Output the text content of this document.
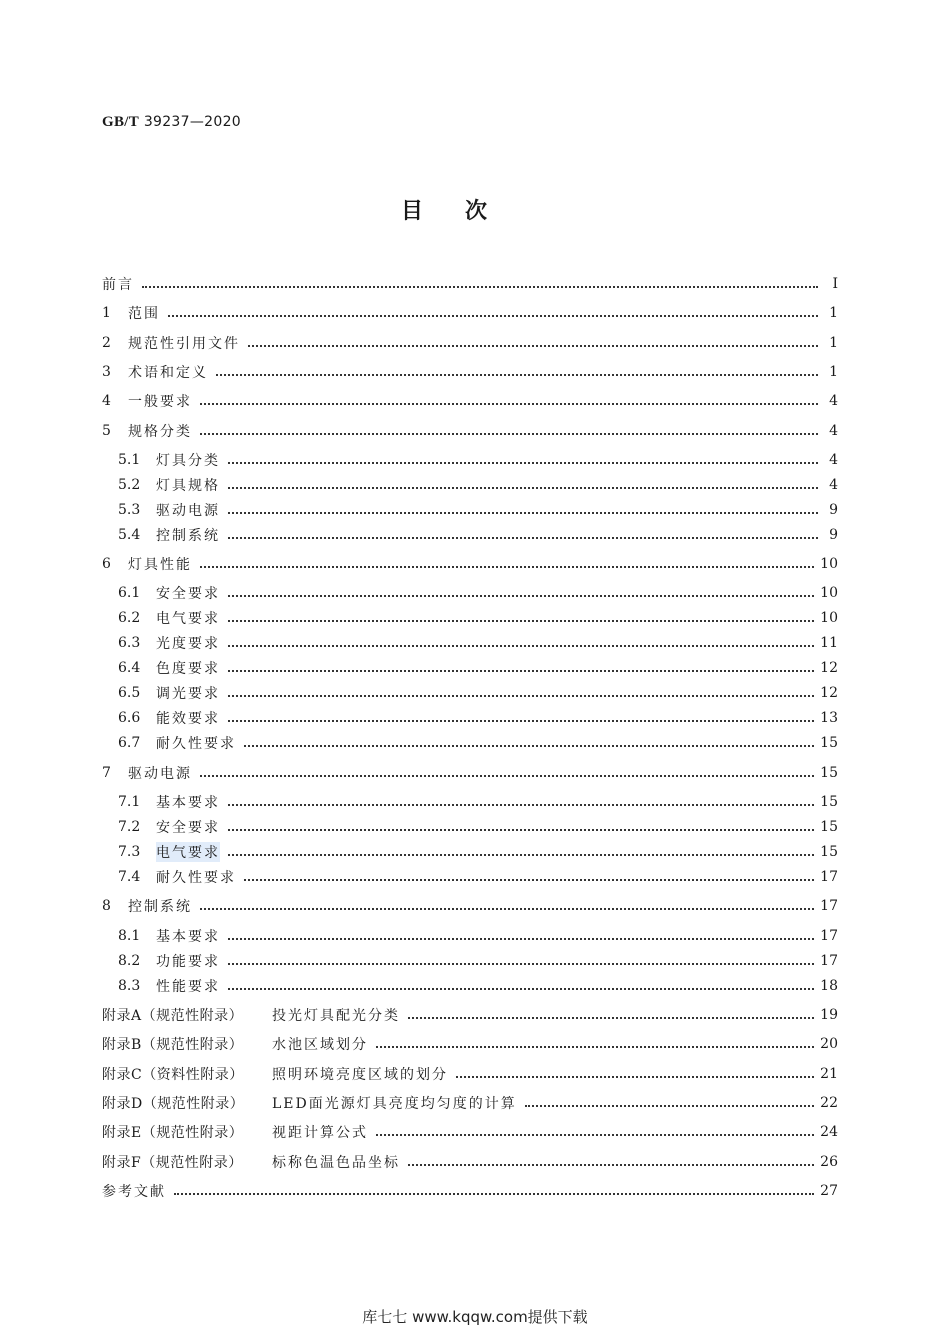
GB/T 39237—2020
目次
前言	Ⅰ
1	范围	1
2	规范性引用文件	1
3	术语和定义	1
4	一般要求	4
5	规格分类	4
5.1	灯具分类	4
5.2	灯具规格	4
5.3	驱动电源	9
5.4	控制系统	9
6	灯具性能	10
6.1	安全要求	10
6.2	电气要求	10
6.3	光度要求	11
6.4	色度要求	12
6.5	调光要求	12
6.6	能效要求	13
6.7	耐久性要求	15
7	驱动电源	15
7.1	基本要求	15
7.2	安全要求	15
7.3	电气要求	15
7.4	耐久性要求	17
8	控制系统	17
8.1	基本要求	17
8.2	功能要求	17
8.3	性能要求	18
附录A（规范性附录）	投光灯具配光分类	19
附录B（规范性附录）	水池区域划分	20
附录C（资料性附录）	照明环境亮度区域的划分	21
附录D（规范性附录）	LED面光源灯具亮度均匀度的计算	22
附录E（规范性附录）	视距计算公式	24
附录F（规范性附录）	标称色温色品坐标	26
参考文献	27
库七七 www.kqqw.com提供下载
